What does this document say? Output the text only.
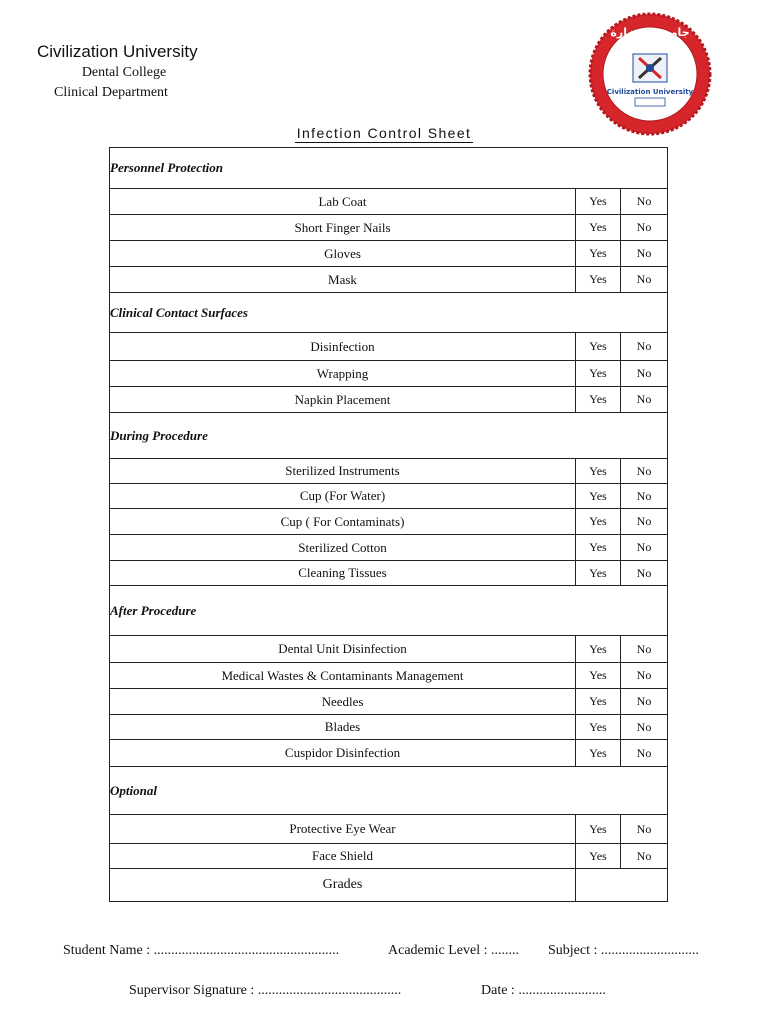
Civilization University
Dental College
Clinical Department
جامعة الحضارة
Civilization University
Infection Control Sheet
Personnel Protection		
Lab Coat	Yes	No
Short Finger Nails	Yes	No
Gloves	Yes	No
Mask	Yes	No
Clinical Contact Surfaces		
Disinfection	Yes	No
Wrapping	Yes	No
Napkin Placement	Yes	No
During Procedure		
Sterilized Instruments	Yes	No
Cup (For Water)	Yes	No
Cup ( For Contaminats)	Yes	No
Sterilized Cotton	Yes	No
Cleaning Tissues	Yes	No
After Procedure		
Dental Unit Disinfection	Yes	No
Medical Wastes & Contaminants Management	Yes	No
Needles	Yes	No
Blades	Yes	No
Cuspidor Disinfection	Yes	No
Optional		
Protective Eye Wear	Yes	No
Face Shield	Yes	No
Grades		
Student Name : .....................................................	Academic Level : ........ Subject : ............................
Supervisor Signature : .........................................	Date : .........................
